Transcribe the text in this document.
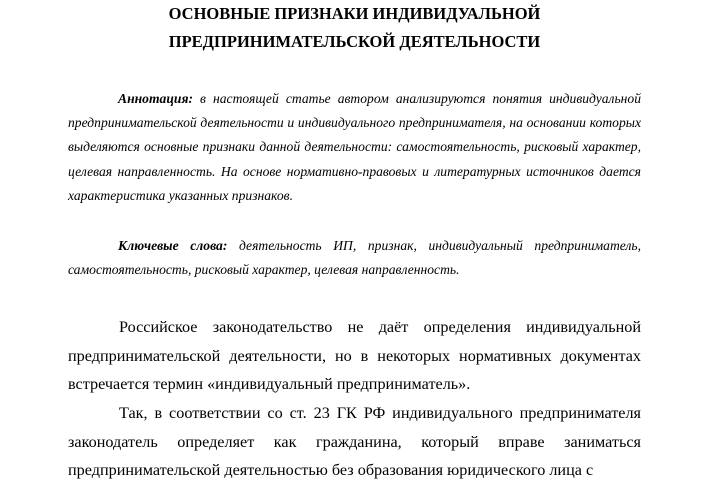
ОСНОВНЫЕ ПРИЗНАКИ ИНДИВИДУАЛЬНОЙ
ПРЕДПРИНИМАТЕЛЬСКОЙ ДЕЯТЕЛЬНОСТИ

Аннотация: в настоящей статье автором анализируются понятия индивидуальной предпринимательской деятельности и индивидуального предпринимателя, на основании которых выделяются основные признаки данной деятельности: самостоятельность, рисковый характер, целевая направленность. На основе нормативно-правовых и литературных источников дается характеристика указанных признаков.

Ключевые слова: деятельность ИП, признак, индивидуальный предприниматель, самостоятельность, рисковый характер, целевая направленность.

Российское законодательство не даёт определения индивидуальной предпринимательской деятельности, но в некоторых нормативных документах встречается термин «индивидуальный предприниматель».

Так, в соответствии со ст. 23 ГК РФ индивидуального предпринимателя законодатель определяет как гражданина, который вправе заниматься предпринимательской деятельностью без образования юридического лица с
